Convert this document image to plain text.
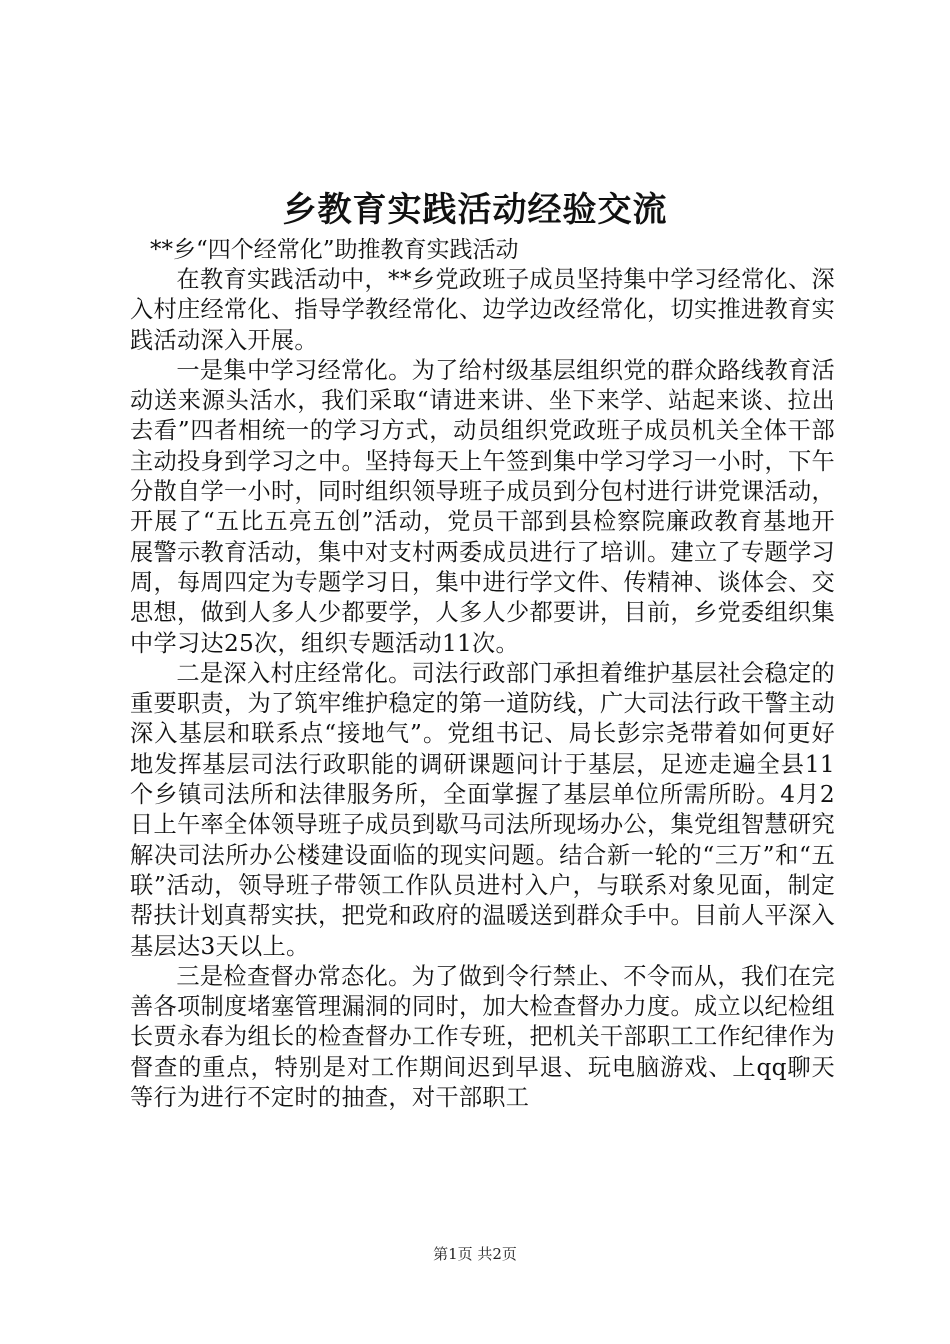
乡教育实践活动经验交流

**乡“四个经常化”助推教育实践活动

在教育实践活动中，**乡党政班子成员坚持集中学习经常化、深入村庄经常化、指导学教经常化、边学边改经常化，切实推进教育实践活动深入开展。

一是集中学习经常化。为了给村级基层组织党的群众路线教育活动送来源头活水，我们采取“请进来讲、坐下来学、站起来谈、拉出去看”四者相统一的学习方式，动员组织党政班子成员机关全体干部主动投身到学习之中。坚持每天上午签到集中学习学习一小时，下午分散自学一小时，同时组织领导班子成员到分包村进行讲党课活动，开展了“五比五亮五创”活动，党员干部到县检察院廉政教育基地开展警示教育活动，集中对支村两委成员进行了培训。建立了专题学习周，每周四定为专题学习日，集中进行学文件、传精神、谈体会、交思想，做到人多人少都要学，人多人少都要讲，目前，乡党委组织集中学习达25次，组织专题活动11次。

二是深入村庄经常化。司法行政部门承担着维护基层社会稳定的重要职责，为了筑牢维护稳定的第一道防线，广大司法行政干警主动深入基层和联系点“接地气”。党组书记、局长彭宗尧带着如何更好地发挥基层司法行政职能的调研课题问计于基层，足迹走遍全县11个乡镇司法所和法律服务所，全面掌握了基层单位所需所盼。4月2日上午率全体领导班子成员到歇马司法所现场办公，集党组智慧研究解决司法所办公楼建设面临的现实问题。结合新一轮的“三万”和“五联”活动，领导班子带领工作队员进村入户，与联系对象见面，制定帮扶计划真帮实扶，把党和政府的温暖送到群众手中。目前人平深入基层达3天以上。

三是检查督办常态化。为了做到令行禁止、不令而从，我们在完善各项制度堵塞管理漏洞的同时，加大检查督办力度。成立以纪检组长贾永春为组长的检查督办工作专班，把机关干部职工工作纪律作为督查的重点，特别是对工作期间迟到早退、玩电脑游戏、上qq聊天等行为进行不定时的抽查，对干部职工

第1页 共2页
